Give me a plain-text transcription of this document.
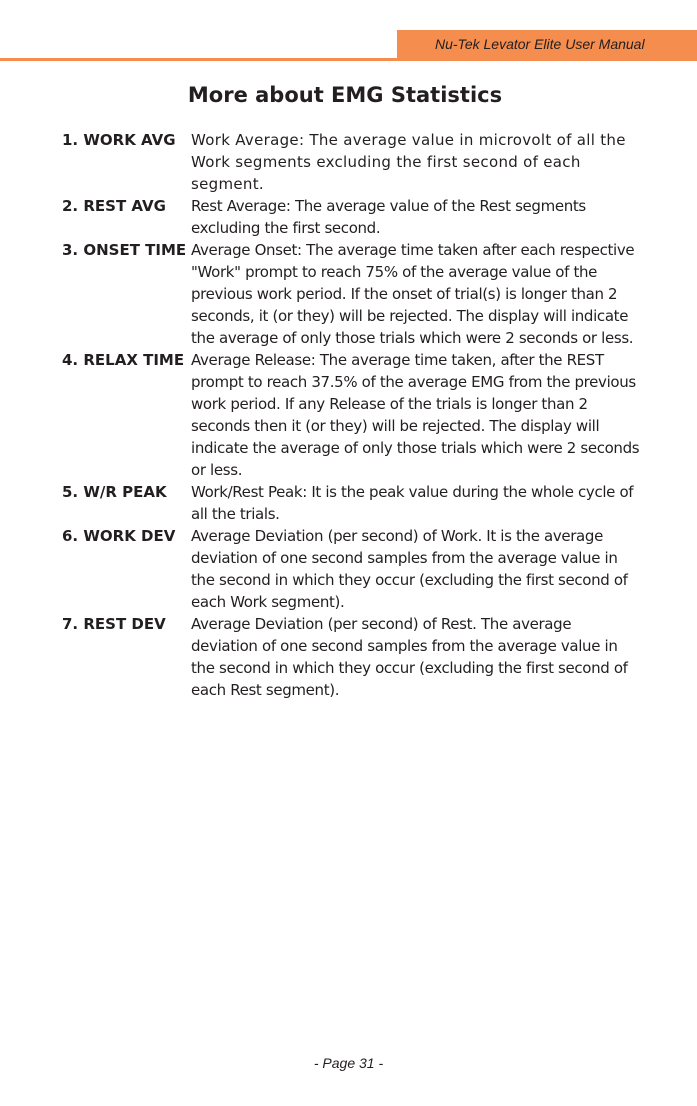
Nu-Tek Levator Elite User Manual
More about EMG Statistics
1. WORK AVG Work Average: The average value in microvolt of all the Work segments excluding the first second of each segment.
2. REST AVG Rest Average: The average value of the Rest segments excluding the first second.
3. ONSET TIME Average Onset: The average time taken after each respective "Work" prompt to reach 75% of the average value of the previous work period. If the onset of trial(s) is longer than 2 seconds, it (or they) will be rejected. The display will indicate the average of only those trials which were 2 seconds or less.
4. RELAX TIME Average Release: The average time taken, after the REST prompt to reach 37.5% of the average EMG from the previous work period. If any Release of the trials is longer than 2 seconds then it (or they) will be rejected. The display will indicate the average of only those trials which were 2 seconds or less.
5. W/R PEAK Work/Rest Peak: It is the peak value during the whole cycle of all the trials.
6. WORK DEV Average Deviation (per second) of Work. It is the average deviation of one second samples from the average value in the second in which they occur (excluding the first second of each Work segment).
7. REST DEV Average Deviation (per second) of Rest. The average deviation of one second samples from the average value in the second in which they occur (excluding the first second of each Rest segment).
- Page 31 -
